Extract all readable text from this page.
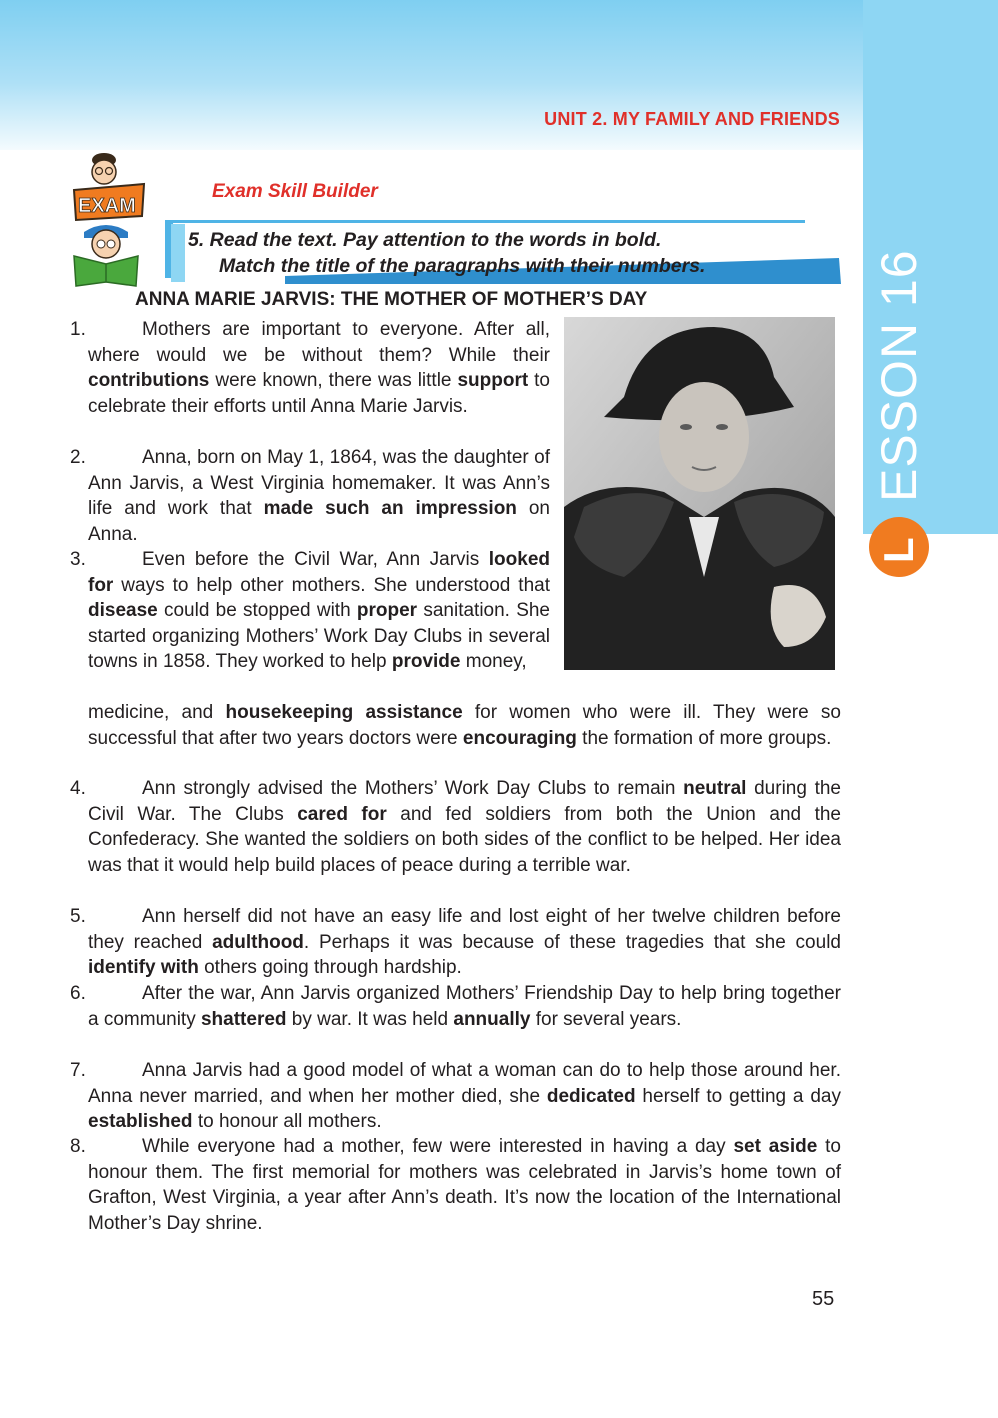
ESSON 16
L
UNIT 2. MY FAMILY AND FRIENDS
EXAM
Exam Skill Builder
5. Read the text. Pay attention to the words in bold.
Match the title of the paragraphs with their numbers.
ANNA MARIE JARVIS: THE MOTHER OF MOTHER’S DAY
1.	Mothers are important to everyone. After all, where would we be without them? While their contributions were known, there was little support to celebrate their efforts until Anna Marie Jarvis.
2.	Anna, born on May 1, 1864, was the daughter of Ann Jarvis, a West Virginia homemaker. It was Ann’s life and work that made such an impression on Anna.
3.	Even before the Civil War, Ann Jarvis looked for ways to help other mothers. She understood that disease could be stopped with proper sanitation. She started organizing Mothers’ Work Day Clubs in several towns in 1858. They worked to help provide money,
medicine, and housekeeping assistance for women who were ill. They were so successful that after two years doctors were encouraging the formation of more groups.
4.	Ann strongly advised the Mothers’ Work Day Clubs to remain neutral during the Civil War. The Clubs cared for and fed soldiers from both the Union and the Confederacy. She wanted the soldiers on both sides of the conflict to be helped. Her idea was that it would help build places of peace during a terrible war.
5.	Ann herself did not have an easy life and lost eight of her twelve children before they reached adulthood. Perhaps it was because of these tragedies that she could identify with others going through hardship.
6.	After the war, Ann Jarvis organized Mothers’ Friendship Day to help bring together a community shattered by war. It was held annually for several years.
7.	Anna Jarvis had a good model of what a woman can do to help those around her. Anna never married, and when her mother died, she dedicated herself to getting a day established to honour all mothers.
8.	While everyone had a mother, few were interested in having a day set aside to honour them. The first memorial for mothers was celebrated in Jarvis’s home town of Grafton, West Virginia, a year after Ann’s death. It’s now the location of the International Mother’s Day shrine.
55
